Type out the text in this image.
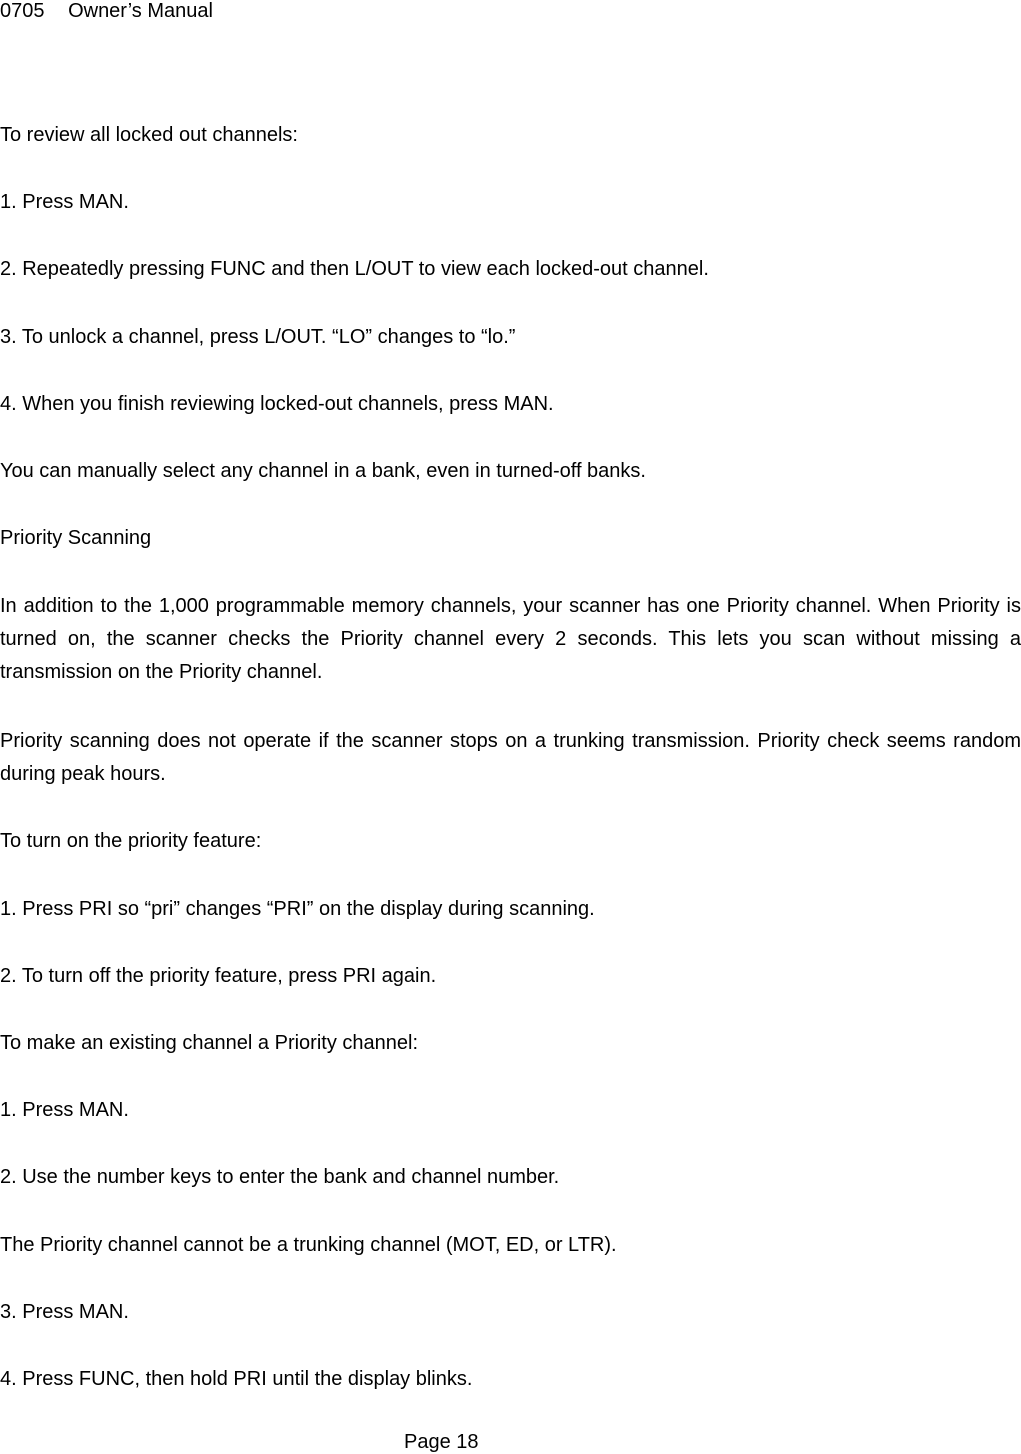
0705 Owner’s Manual

To review all locked out channels:

1. Press MAN.

2. Repeatedly pressing FUNC and then L/OUT to view each locked-out channel.

3. To unlock a channel, press L/OUT. “LO” changes to “lo.”

4. When you finish reviewing locked-out channels, press MAN.

You can manually select any channel in a bank, even in turned-off banks.

Priority Scanning

In addition to the 1,000 programmable memory channels, your scanner has one Priority channel. When Priority is turned on, the scanner checks the Priority channel every 2 seconds. This lets you scan without missing a transmission on the Priority channel.

Priority scanning does not operate if the scanner stops on a trunking transmission. Priority check seems random during peak hours.

To turn on the priority feature:

1. Press PRI so “pri” changes “PRI” on the display during scanning.

2. To turn off the priority feature, press PRI again.

To make an existing channel a Priority channel:

1. Press MAN.

2. Use the number keys to enter the bank and channel number.

The Priority channel cannot be a trunking channel (MOT, ED, or LTR).

3. Press MAN.

4. Press FUNC, then hold PRI until the display blinks.

Page 18
